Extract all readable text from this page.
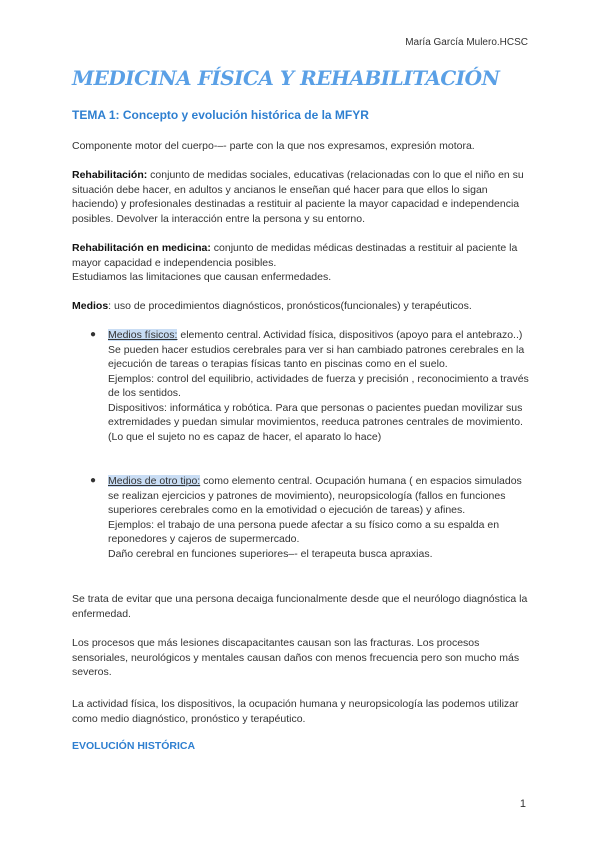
María García Mulero.HCSC
MEDICINA FÍSICA Y REHABILITACIÓN
TEMA 1: Concepto y evolución histórica de la MFYR

Componente motor del cuerpo-–- parte con la que nos expresamos, expresión motora.

Rehabilitación: conjunto de medidas sociales, educativas (relacionadas con lo que el niño en su situación debe hacer, en adultos y ancianos le enseñan qué hacer para que ellos lo sigan haciendo) y profesionales destinadas a restituir al paciente la mayor capacidad e independencia posibles. Devolver la interacción entre la persona y su entorno.

Rehabilitación en medicina: conjunto de medidas médicas destinadas a restituir al paciente la mayor capacidad e independencia posibles.
Estudiamos las limitaciones que causan enfermedades.

Medios: uso de procedimientos diagnósticos, pronósticos(funcionales) y terapéuticos.

● Medios físicos: elemento central. Actividad física, dispositivos (apoyo para el antebrazo..) Se pueden hacer estudios cerebrales para ver si han cambiado patrones cerebrales en la ejecución de tareas o terapias físicas tanto en piscinas como en el suelo.
Ejemplos: control del equilibrio, actividades de fuerza y precisión , reconocimiento a través de los sentidos.
Dispositivos: informática y robótica. Para que personas o pacientes puedan movilizar sus extremidades y puedan simular movimientos, reeduca patrones centrales de movimiento. (Lo que el sujeto no es capaz de hacer, el aparato lo hace)
● Medios de otro tipo: como elemento central. Ocupación humana ( en espacios simulados se realizan ejercicios y patrones de movimiento), neuropsicología (fallos en funciones superiores cerebrales como en la emotividad o ejecución de tareas) y afines.
Ejemplos: el trabajo de una persona puede afectar a su físico como a su espalda en reponedores y cajeros de supermercado.
Daño cerebral en funciones superiores–- el terapeuta busca apraxias.

Se trata de evitar que una persona decaiga funcionalmente desde que el neurólogo diagnóstica la enfermedad.

Los procesos que más lesiones discapacitantes causan son las fracturas. Los procesos sensoriales, neurológicos y mentales causan daños con menos frecuencia pero son mucho más severos.

La actividad física, los dispositivos, la ocupación humana y neuropsicología las podemos utilizar como medio diagnóstico, pronóstico y terapéutico.

EVOLUCIÓN HISTÓRICA
1
